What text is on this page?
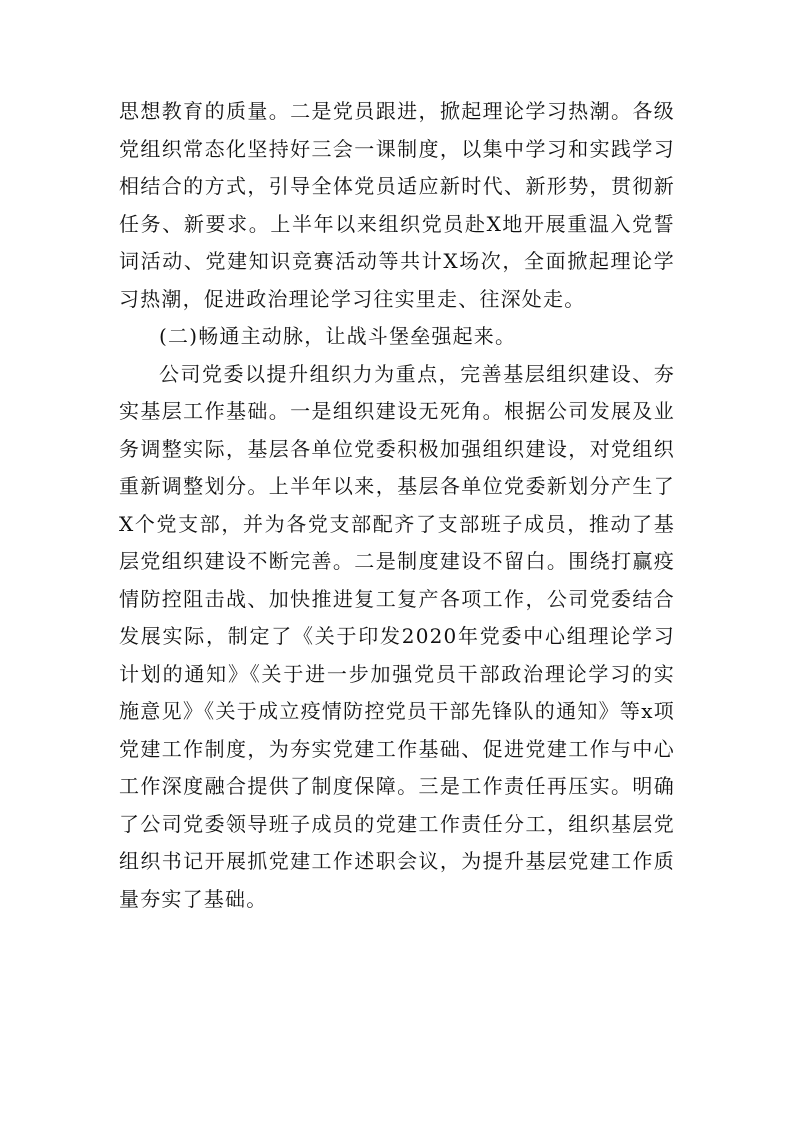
思想教育的质量。二是党员跟进，掀起理论学习热潮。各级党组织常态化坚持好三会一课制度，以集中学习和实践学习相结合的方式，引导全体党员适应新时代、新形势，贯彻新任务、新要求。上半年以来组织党员赴X地开展重温入党誓词活动、党建知识竞赛活动等共计X场次，全面掀起理论学习热潮，促进政治理论学习往实里走、往深处走。

(二)畅通主动脉，让战斗堡垒强起来。

公司党委以提升组织力为重点，完善基层组织建设、夯实基层工作基础。一是组织建设无死角。根据公司发展及业务调整实际，基层各单位党委积极加强组织建设，对党组织重新调整划分。上半年以来，基层各单位党委新划分产生了X个党支部，并为各党支部配齐了支部班子成员，推动了基层党组织建设不断完善。二是制度建设不留白。围绕打赢疫情防控阻击战、加快推进复工复产各项工作，公司党委结合发展实际，制定了《关于印发2020年党委中心组理论学习计划的通知》《关于进一步加强党员干部政治理论学习的实施意见》《关于成立疫情防控党员干部先锋队的通知》等x项党建工作制度，为夯实党建工作基础、促进党建工作与中心工作深度融合提供了制度保障。三是工作责任再压实。明确了公司党委领导班子成员的党建工作责任分工，组织基层党组织书记开展抓党建工作述职会议，为提升基层党建工作质量夯实了基础。
